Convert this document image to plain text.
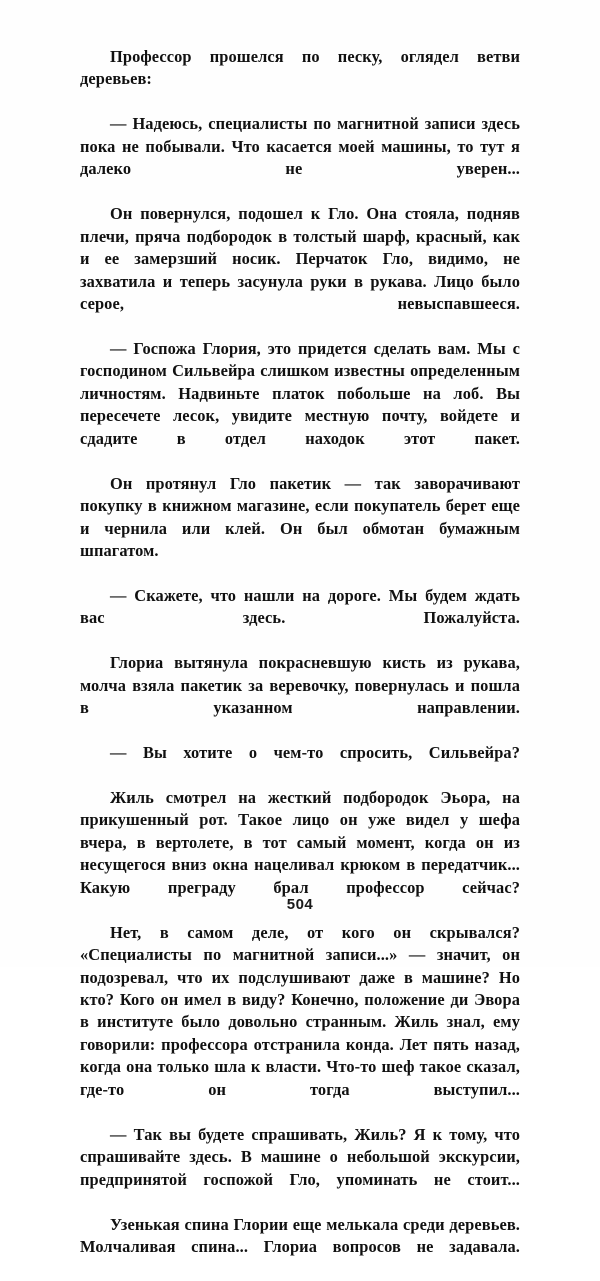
Профессор прошелся по песку, оглядел ветви деревьев:

— Надеюсь, специалисты по магнитной записи здесь пока не побывали. Что касается моей машины, то тут я далеко не уверен...

Он повернулся, подошел к Гло. Она стояла, подняв плечи, пряча подбородок в толстый шарф, красный, как и ее замерзший носик. Перчаток Гло, видимо, не захватила и теперь засунула руки в рукава. Лицо было серое, невыспавшееся.

— Госпожа Глория, это придется сделать вам. Мы с господином Сильвейра слишком известны определенным личностям. Надвиньте платок побольше на лоб. Вы пересечете лесок, увидите местную почту, войдете и сдадите в отдел находок этот пакет.

Он протянул Гло пакетик — так заворачивают покупку в книжном магазине, если покупатель берет еще и чернила или клей. Он был обмотан бумажным шпагатом.

— Скажете, что нашли на дороге. Мы будем ждать вас здесь. Пожалуйста.

Глориа вытянула покрасневшую кисть из рукава, молча взяла пакетик за веревочку, повернулась и пошла в указанном направлении.

— Вы хотите о чем-то спросить, Сильвейра?

Жиль смотрел на жесткий подбородок Эьора, на прикушенный рот. Такое лицо он уже видел у шефа вчера, в вертолете, в тот самый момент, когда он из несущегося вниз окна нацеливал крюком в передатчик... Какую преграду брал профессор сейчас?

Нет, в самом деле, от кого он скрывался? «Специалисты по магнитной записи...» — значит, он подозревал, что их подслушивают даже в машине? Но кто? Кого он имел в виду? Конечно, положение ди Эвора в институте было довольно странным. Жиль знал, ему говорили: профессора отстранила конда. Лет пять назад, когда она только шла к власти. Что-то шеф такое сказал, где-то он тогда выступил...

— Так вы будете спрашивать, Жиль? Я к тому, что спрашивайте здесь. В машине о небольшой экскурсии, предпринятой госпожой Гло, упоминать не стоит...

Узенькая спина Глории еще мелькала среди деревьев. Молчаливая спина... Глориа вопросов не задавала.

504
